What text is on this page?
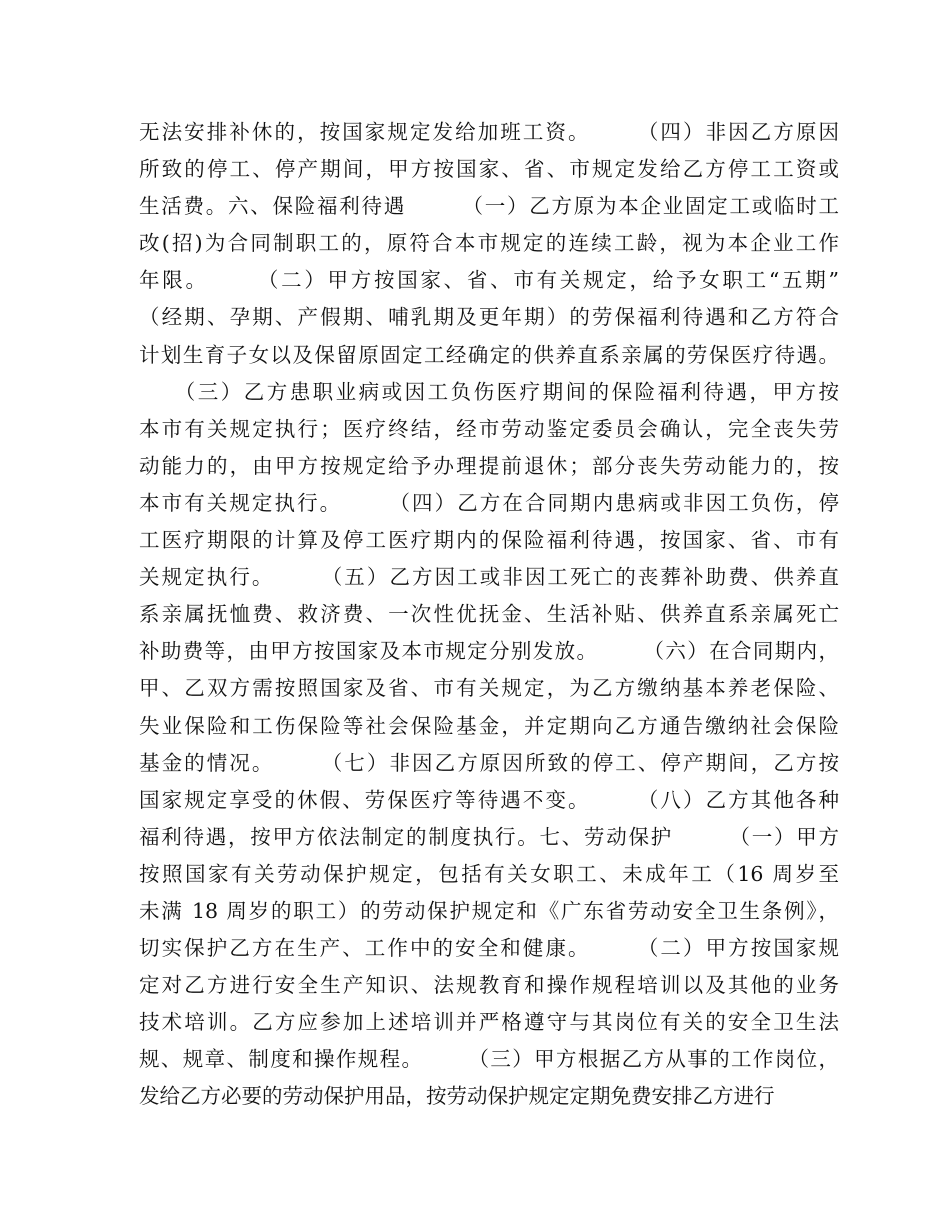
无法安排补休的，按国家规定发给加班工资。　　　（四）非因乙方原因
所致的停工、停产期间，甲方按国家、省、市规定发给乙方停工工资或
生活费。六、保险福利待遇　　　（一）乙方原为本企业固定工或临时工
改(招)为合同制职工的，原符合本市规定的连续工龄，视为本企业工作
年限。　　　（二）甲方按国家、省、市有关规定，给予女职工“五期”
（经期、孕期、产假期、哺乳期及更年期）的劳保福利待遇和乙方符合
计划生育子女以及保留原固定工经确定的供养直系亲属的劳保医疗待遇。
　　（三）乙方患职业病或因工负伤医疗期间的保险福利待遇，甲方按
本市有关规定执行；医疗终结，经市劳动鉴定委员会确认，完全丧失劳
动能力的，由甲方按规定给予办理提前退休；部分丧失劳动能力的，按
本市有关规定执行。　　　（四）乙方在合同期内患病或非因工负伤，停
工医疗期限的计算及停工医疗期内的保险福利待遇，按国家、省、市有
关规定执行。　　　（五）乙方因工或非因工死亡的丧葬补助费、供养直
系亲属抚恤费、救济费、一次性优抚金、生活补贴、供养直系亲属死亡
补助费等，由甲方按国家及本市规定分别发放。　　　（六）在合同期内，
甲、乙双方需按照国家及省、市有关规定，为乙方缴纳基本养老保险、
失业保险和工伤保险等社会保险基金，并定期向乙方通告缴纳社会保险
基金的情况。　　　（七）非因乙方原因所致的停工、停产期间，乙方按
国家规定享受的休假、劳保医疗等待遇不变。　　　（八）乙方其他各种
福利待遇，按甲方依法制定的制度执行。七、劳动保护　　　（一）甲方
按照国家有关劳动保护规定，包括有关女职工、未成年工（16 周岁至
未满 18 周岁的职工）的劳动保护规定和《广东省劳动安全卫生条例》，
切实保护乙方在生产、工作中的安全和健康。　　　（二）甲方按国家规
定对乙方进行安全生产知识、法规教育和操作规程培训以及其他的业务
技术培训。乙方应参加上述培训并严格遵守与其岗位有关的安全卫生法
规、规章、制度和操作规程。　　　（三）甲方根据乙方从事的工作岗位，
发给乙方必要的劳动保护用品，按劳动保护规定定期免费安排乙方进行
